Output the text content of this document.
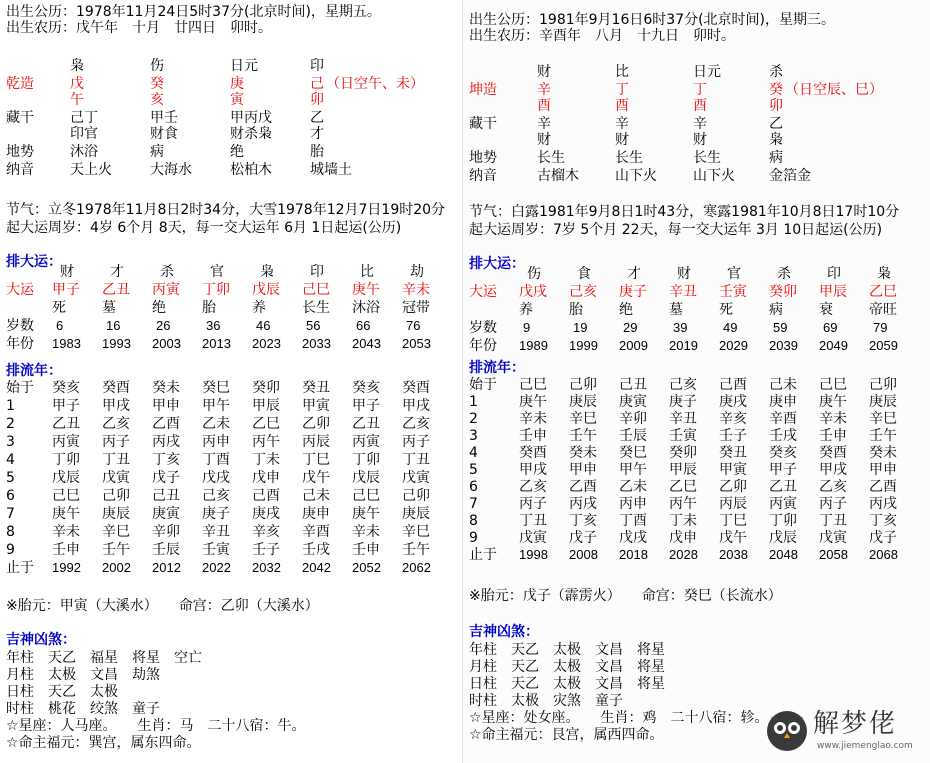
出生公历：1978年11月24日5时37分(北京时间)，星期五。
出生农历：戊午年　十月　廿四日　卯时。
枭	伤	日元	印
乾造	戊	癸	庚	己 （日空午、未）
午	亥	寅	卯
藏干	己丁	甲壬	甲丙戊	乙
印官	财食	财杀枭	才
地势	沐浴	病	绝	胎
纳音	天上火	大海水	松柏木	城墙土
节气：立冬1978年11月8日2时34分，大雪1978年12月7日19时20分
起大运周岁：4岁 6个月 8天，每一交大运年 6月 1日起运(公历)
排大运：
财	才	杀	官	枭	印	比	劫
大运 甲子 乙丑 丙寅 丁卯 戊辰 己巳 庚午 辛未
死	墓	绝	胎	养	长生 沐浴 冠带
岁数 6	16	26	36	46	56	66	76
年份 1983 1993 2003 2013 2023 2033 2043 2053
排流年：
始于 癸亥 癸酉 癸未 癸巳 癸卯 癸丑 癸亥 癸酉
1	甲子 甲戌 甲申 甲午 甲辰 甲寅 甲子 甲戌
2	乙丑 乙亥 乙酉 乙未 乙巳 乙卯 乙丑 乙亥
3	丙寅 丙子 丙戌 丙申 丙午 丙辰 丙寅 丙子
4	丁卯 丁丑 丁亥 丁酉 丁未 丁巳 丁卯 丁丑
5	戊辰 戊寅 戊子 戊戌 戊申 戊午 戊辰 戊寅
6	己巳 己卯 己丑 己亥 己酉 己未 己巳 己卯
7	庚午 庚辰 庚寅 庚子 庚戌 庚申 庚午 庚辰
8	辛未 辛巳 辛卯 辛丑 辛亥 辛酉 辛未 辛巳
9	壬申 壬午 壬辰 壬寅 壬子 壬戌 壬申 壬午
止于 1992 2002 2012 2022 2032 2042 2052 2062
※胎元：甲寅（大溪水）　　命宫：乙卯（大溪水）
吉神凶煞：
年柱　天乙　福星　将星　空亡
月柱　太极　文昌　劫煞
日柱　天乙　太极
时柱　桃花　绞煞　童子
☆星座：人马座。　　生肖：马　二十八宿：牛。
☆命主福元：巽宫，属东四命。
解梦佬
www.jiemenglao.com
出生公历：1981年9月16日6时37分(北京时间)，星期三。
出生农历：辛酉年　八月　十九日　卯时。
财	比	日元	杀
坤造	辛	丁	丁	癸 （日空辰、巳）
酉	酉	酉	卯
藏干	辛	辛	辛	乙
财	财	财	枭
地势	长生	长生	长生	病
纳音	古榴木	山下火	山下火 金箔金
节气：白露1981年9月8日1时43分，寒露1981年10月8日17时10分
起大运周岁：7岁 5个月 22天，每一交大运年 3月 10日起运(公历)
排大运：
伤	食	才	财	官	杀	印	枭
大运 戊戌 己亥 庚子 辛丑 壬寅 癸卯 甲辰 乙巳
养	胎	绝	墓	死	病	衰	帝旺
岁数 9	19	29	39	49	59	69	79
年份 1989 1999 2009 2019 2029 2039 2049 2059
排流年：
始于 己巳 己卯 己丑 己亥 己酉 己未 己巳 己卯
1	庚午 庚辰 庚寅 庚子 庚戌 庚申 庚午 庚辰
2	辛未 辛巳 辛卯 辛丑 辛亥 辛酉 辛未 辛巳
3	壬申 壬午 壬辰 壬寅 壬子 壬戌 壬申 壬午
4	癸酉 癸未 癸巳 癸卯 癸丑 癸亥 癸酉 癸未
5	甲戌 甲申 甲午 甲辰 甲寅 甲子 甲戌 甲申
6	乙亥 乙酉 乙未 乙巳 乙卯 乙丑 乙亥 乙酉
7	丙子 丙戌 丙申 丙午 丙辰 丙寅 丙子 丙戌
8	丁丑 丁亥 丁酉 丁未 丁巳 丁卯 丁丑 丁亥
9	戊寅 戊子 戊戌 戊申 戊午 戊辰 戊寅 戊子
止于 1998 2008 2018 2028 2038 2048 2058 2068
※胎元：戊子（霹雳火）　　命宫：癸巳（长流水）
吉神凶煞：
年柱　天乙　太极　文昌　将星
月柱　天乙　太极　文昌　将星
日柱　天乙　太极　文昌　将星
时柱　太极　灾煞　童子
☆星座：处女座。　　生肖：鸡　二十八宿：轸。
☆命主福元：艮宫，属西四命。
